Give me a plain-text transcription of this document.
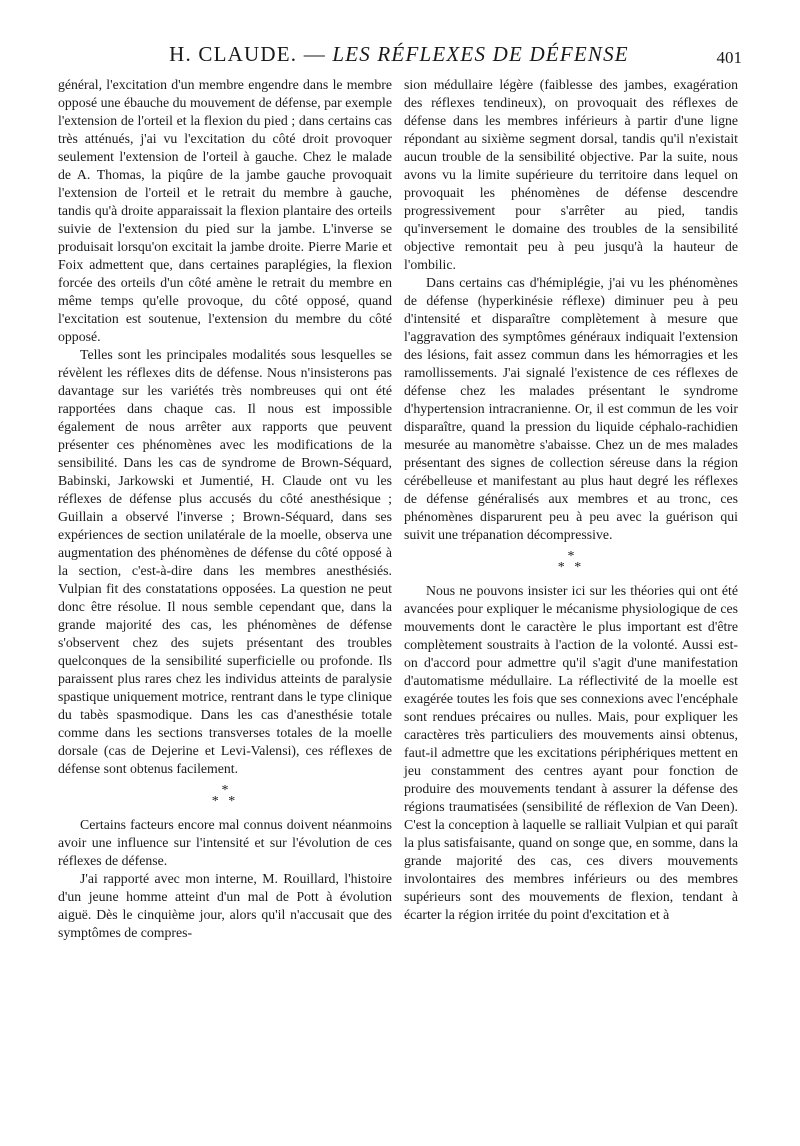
H. CLAUDE. — LES RÉFLEXES DE DÉFENSE	401

général, l'excitation d'un membre engendre dans le membre opposé une ébauche du mouvement de défense, par exemple l'extension de l'orteil et la flexion du pied ; dans certains cas très atténués, j'ai vu l'excitation du côté droit provoquer seulement l'extension de l'orteil à gauche. Chez le malade de A. Thomas, la piqûre de la jambe gauche provoquait l'extension de l'orteil et le retrait du membre à gauche, tandis qu'à droite apparaissait la flexion plantaire des orteils suivie de l'extension du pied sur la jambe. L'inverse se produisait lorsqu'on excitait la jambe droite. Pierre Marie et Foix admettent que, dans certaines paraplégies, la flexion forcée des orteils d'un côté amène le retrait du membre en même temps qu'elle provoque, du côté opposé, quand l'excitation est soutenue, l'extension du membre du côté opposé.

Telles sont les principales modalités sous lesquelles se révèlent les réflexes dits de défense. Nous n'insisterons pas davantage sur les variétés très nombreuses qui ont été rapportées dans chaque cas. Il nous est impossible également de nous arrêter aux rapports que peuvent présenter ces phénomènes avec les modifications de la sensibilité. Dans les cas de syndrome de Brown-Séquard, Babinski, Jarkowski et Jumentié, H. Claude ont vu les réflexes de défense plus accusés du côté anesthésique ; Guillain a observé l'inverse ; Brown-Séquard, dans ses expériences de section unilatérale de la moelle, observa une augmentation des phénomènes de défense du côté opposé à la section, c'est-à-dire dans les membres anesthésiés. Vulpian fit des constatations opposées. La question ne peut donc être résolue. Il nous semble cependant que, dans la grande majorité des cas, les phénomènes de défense s'observent chez des sujets présentant des troubles quelconques de la sensibilité superficielle ou profonde. Ils paraissent plus rares chez les individus atteints de paralysie spastique uniquement motrice, rentrant dans le type clinique du tabès spasmodique. Dans les cas d'anesthésie totale comme dans les sections transverses totales de la moelle dorsale (cas de Dejerine et Levi-Valensi), ces réflexes de défense sont obtenus facilement.

*
* *

Certains facteurs encore mal connus doivent néanmoins avoir une influence sur l'intensité et sur l'évolution de ces réflexes de défense.

J'ai rapporté avec mon interne, M. Rouillard, l'histoire d'un jeune homme atteint d'un mal de Pott à évolution aiguë. Dès le cinquième jour, alors qu'il n'accusait que des symptômes de compres-

sion médullaire légère (faiblesse des jambes, exagération des réflexes tendineux), on provoquait des réflexes de défense dans les membres inférieurs à partir d'une ligne répondant au sixième segment dorsal, tandis qu'il n'existait aucun trouble de la sensibilité objective. Par la suite, nous avons vu la limite supérieure du territoire dans lequel on provoquait les phénomènes de défense descendre progressivement pour s'arrêter au pied, tandis qu'inversement le domaine des troubles de la sensibilité objective remontait peu à peu jusqu'à la hauteur de l'ombilic.

Dans certains cas d'hémiplégie, j'ai vu les phénomènes de défense (hyperkinésie réflexe) diminuer peu à peu d'intensité et disparaître complètement à mesure que l'aggravation des symptômes généraux indiquait l'extension des lésions, fait assez commun dans les hémorragies et les ramollissements. J'ai signalé l'existence de ces réflexes de défense chez les malades présentant le syndrome d'hypertension intracranienne. Or, il est commun de les voir disparaître, quand la pression du liquide céphalo-rachidien mesurée au manomètre s'abaisse. Chez un de mes malades présentant des signes de collection séreuse dans la région cérébelleuse et manifestant au plus haut degré les réflexes de défense généralisés aux membres et au tronc, ces phénomènes disparurent peu à peu avec la guérison qui suivit une trépanation décompressive.

*
* *

Nous ne pouvons insister ici sur les théories qui ont été avancées pour expliquer le mécanisme physiologique de ces mouvements dont le caractère le plus important est d'être complètement soustraits à l'action de la volonté. Aussi est-on d'accord pour admettre qu'il s'agit d'une manifestation d'automatisme médullaire. La réflectivité de la moelle est exagérée toutes les fois que ses connexions avec l'encéphale sont rendues précaires ou nulles. Mais, pour expliquer les caractères très particuliers des mouvements ainsi obtenus, faut-il admettre que les excitations périphériques mettent en jeu constamment des centres ayant pour fonction de produire des mouvements tendant à assurer la défense des régions traumatisées (sensibilité de réflexion de Van Deen). C'est la conception à laquelle se ralliait Vulpian et qui paraît la plus satisfaisante, quand on songe que, en somme, dans la grande majorité des cas, ces divers mouvements involontaires des membres inférieurs ou des membres supérieurs sont des mouvements de flexion, tendant à écarter la région irritée du point d'excitation et à
